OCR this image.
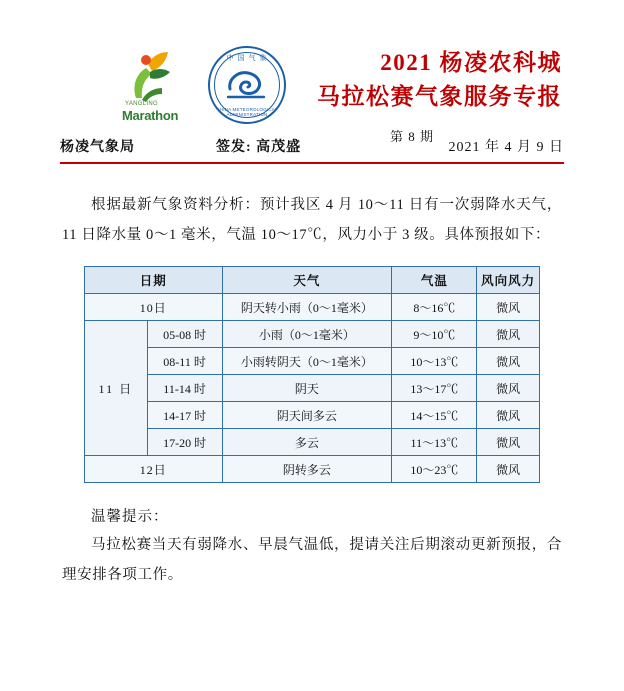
YANGLING
Marathon
中 国 气 象
CHINA METEOROLOGICAL ADMINISTRATION
2021 杨凌农科城
马拉松赛气象服务专报
第 8 期
杨凌气象局	签发: 高茂盛	2021 年 4 月 9 日
根据最新气象资料分析：预计我区 4 月 10～11 日有一次弱降水天气，11 日降水量 0～1 毫米，气温 10～17℃，风力小于 3 级。具体预报如下：
日期		天气	气温	风向风力
10日		阴天转小雨（0～1毫米）	8～16℃	微风
11 日	05-08 时	小雨（0～1毫米）	9～10℃	微风
	08-11 时	小雨转阴天（0～1毫米）	10～13℃	微风
	11-14 时	阴天	13～17℃	微风
	14-17 时	阴天间多云	14～15℃	微风
	17-20 时	多云	11～13℃	微风
12日		阴转多云	10～23℃	微风
温馨提示：
马拉松赛当天有弱降水、早晨气温低，提请关注后期滚动更新预报，合理安排各项工作。
